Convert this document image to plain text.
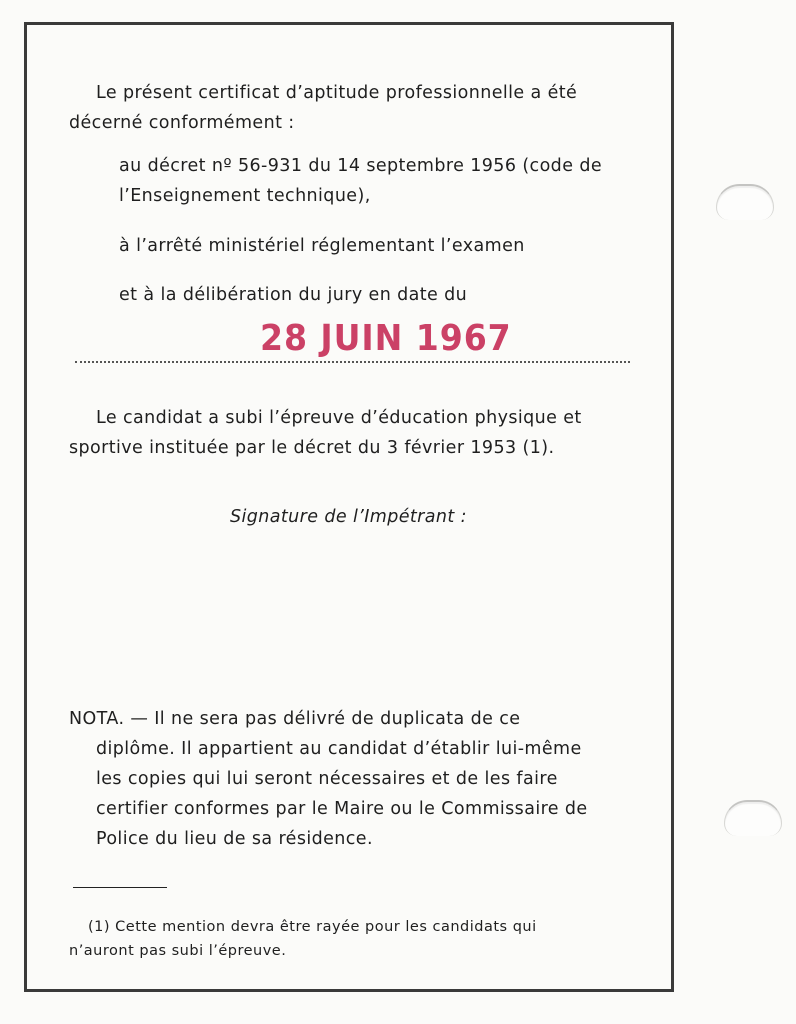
Le présent certificat d’aptitude professionnelle a été
décerné conformément :
au décret nº 56-931 du 14 septembre 1956 (code de
l’Enseignement technique),
à l’arrêté ministériel réglementant l’examen
et à la délibération du jury en date du
28 JUIN 1967
Le candidat a subi l’épreuve d’éducation physique et
sportive instituée par le décret du 3 février 1953 (1).
Signature de l’Impétrant :
NOTA. — Il ne sera pas délivré de duplicata de ce
diplôme. Il appartient au candidat d’établir lui-même
les copies qui lui seront nécessaires et de les faire
certifier conformes par le Maire ou le Commissaire de
Police du lieu de sa résidence.
(1) Cette mention devra être rayée pour les candidats qui
n’auront pas subi l’épreuve.
